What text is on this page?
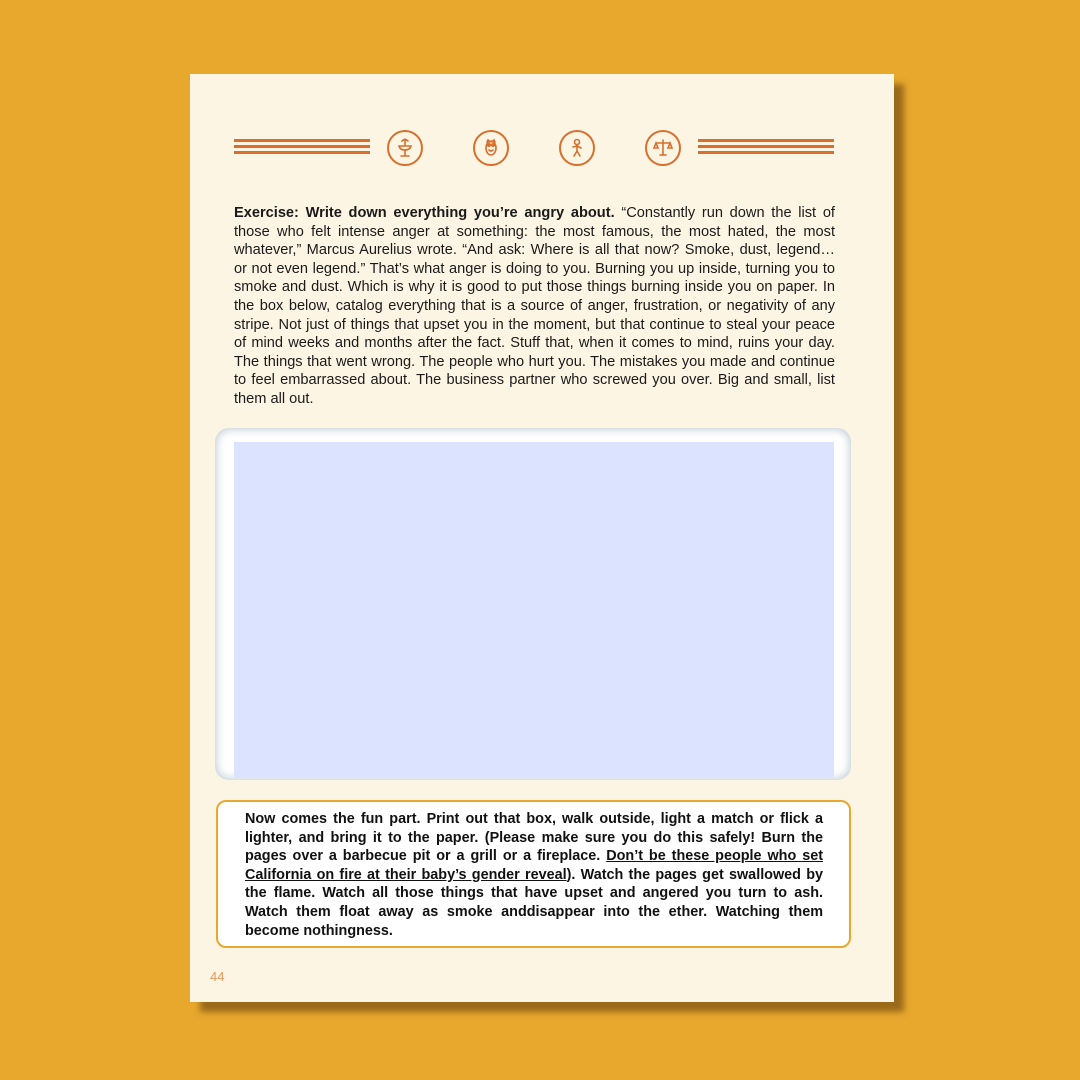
Exercise: Write down everything you’re angry about. “Constantly run down the list of those who felt intense anger at something: the most famous, the most hated, the most whatever,” Marcus Aurelius wrote. “And ask: Where is all that now? Smoke, dust, legend… or not even legend.” That’s what anger is doing to you. Burning you up inside, turning you to smoke and dust. Which is why it is good to put those things burning inside you on paper. In the box below, catalog everything that is a source of anger, frustration, or negativity of any stripe. Not just of things that upset you in the moment, but that continue to steal your peace of mind weeks and months after the fact. Stuff that, when it comes to mind, ruins your day. The things that went wrong. The people who hurt you. The mistakes you made and continue to feel embarrassed about. The business partner who screwed you over. Big and small, list them all out.

Now comes the fun part. Print out that box, walk outside, light a match or flick a lighter, and bring it to the paper. (Please make sure you do this safely! Burn the pages over a barbecue pit or a grill or a fireplace. Don’t be these people who set California on fire at their baby’s gender reveal). Watch the pages get swallowed by the flame. Watch all those things that have upset and angered you turn to ash. Watch them float away as smoke anddisappear into the ether. Watching them become nothingness.

44
